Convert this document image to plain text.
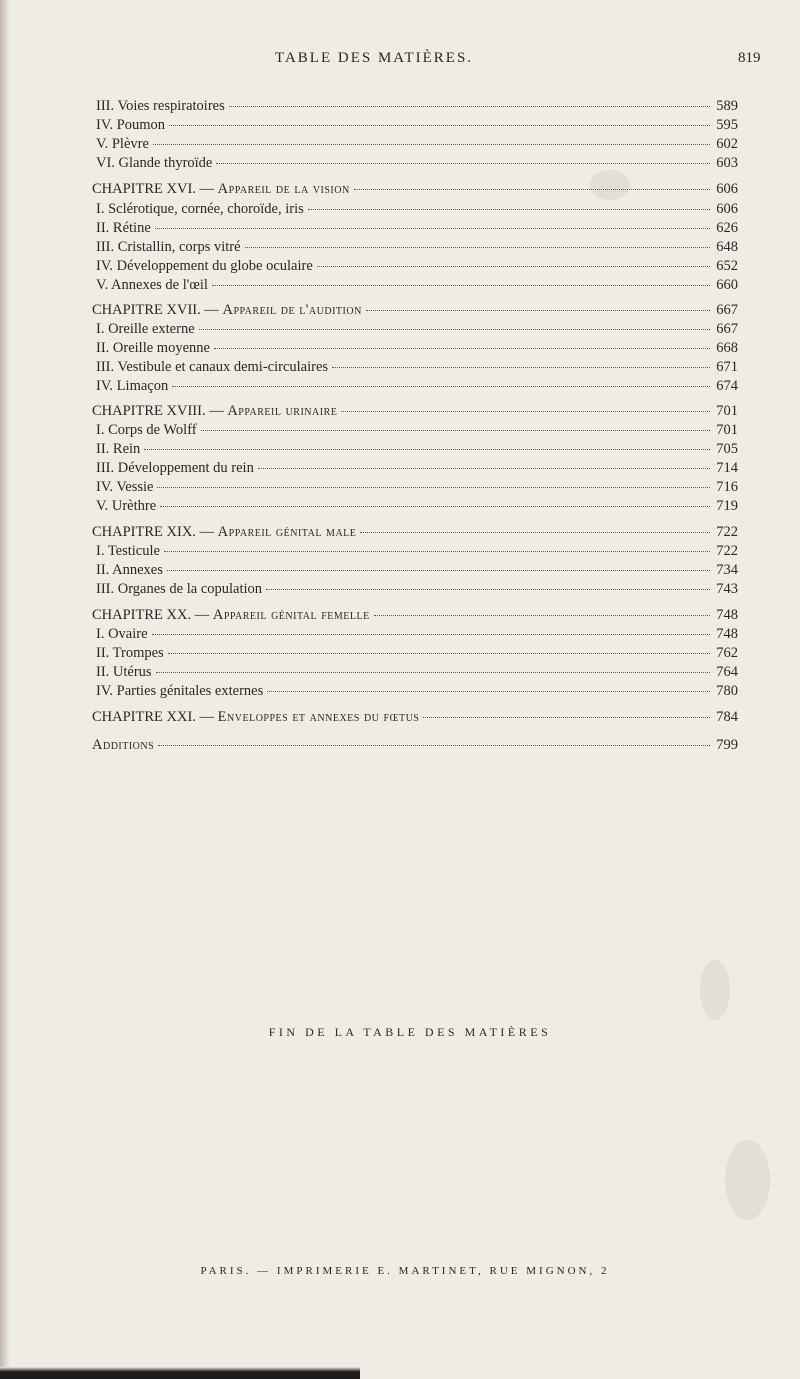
TABLE DES MATIÈRES.	819
III. Voies respiratoires	589
IV. Poumon	595
V. Plèvre	602
VI. Glande thyroïde	603
CHAPITRE XVI. — Appareil de la vision	606
I. Sclérotique, cornée, choroïde, iris	606
II. Rétine	626
III. Cristallin, corps vitré	648
IV. Développement du globe oculaire	652
V. Annexes de l'œil	660
CHAPITRE XVII. — Appareil de l'audition	667
I. Oreille externe	667
II. Oreille moyenne	668
III. Vestibule et canaux demi-circulaires	671
IV. Limaçon	674
CHAPITRE XVIII. — Appareil urinaire	701
I. Corps de Wolff	701
II. Rein	705
III. Développement du rein	714
IV. Vessie	716
V. Urèthre	719
CHAPITRE XIX. — Appareil génital male	722
I. Testicule	722
II. Annexes	734
III. Organes de la copulation	743
CHAPITRE XX. — Appareil génital femelle	748
I. Ovaire	748
II. Trompes	762
II. Utérus	764
IV. Parties génitales externes	780
CHAPITRE XXI. — Enveloppes et annexes du fœtus	784
Additions	799
FIN DE LA TABLE DES MATIÈRES
PARIS. — IMPRIMERIE E. MARTINET, RUE MIGNON, 2
